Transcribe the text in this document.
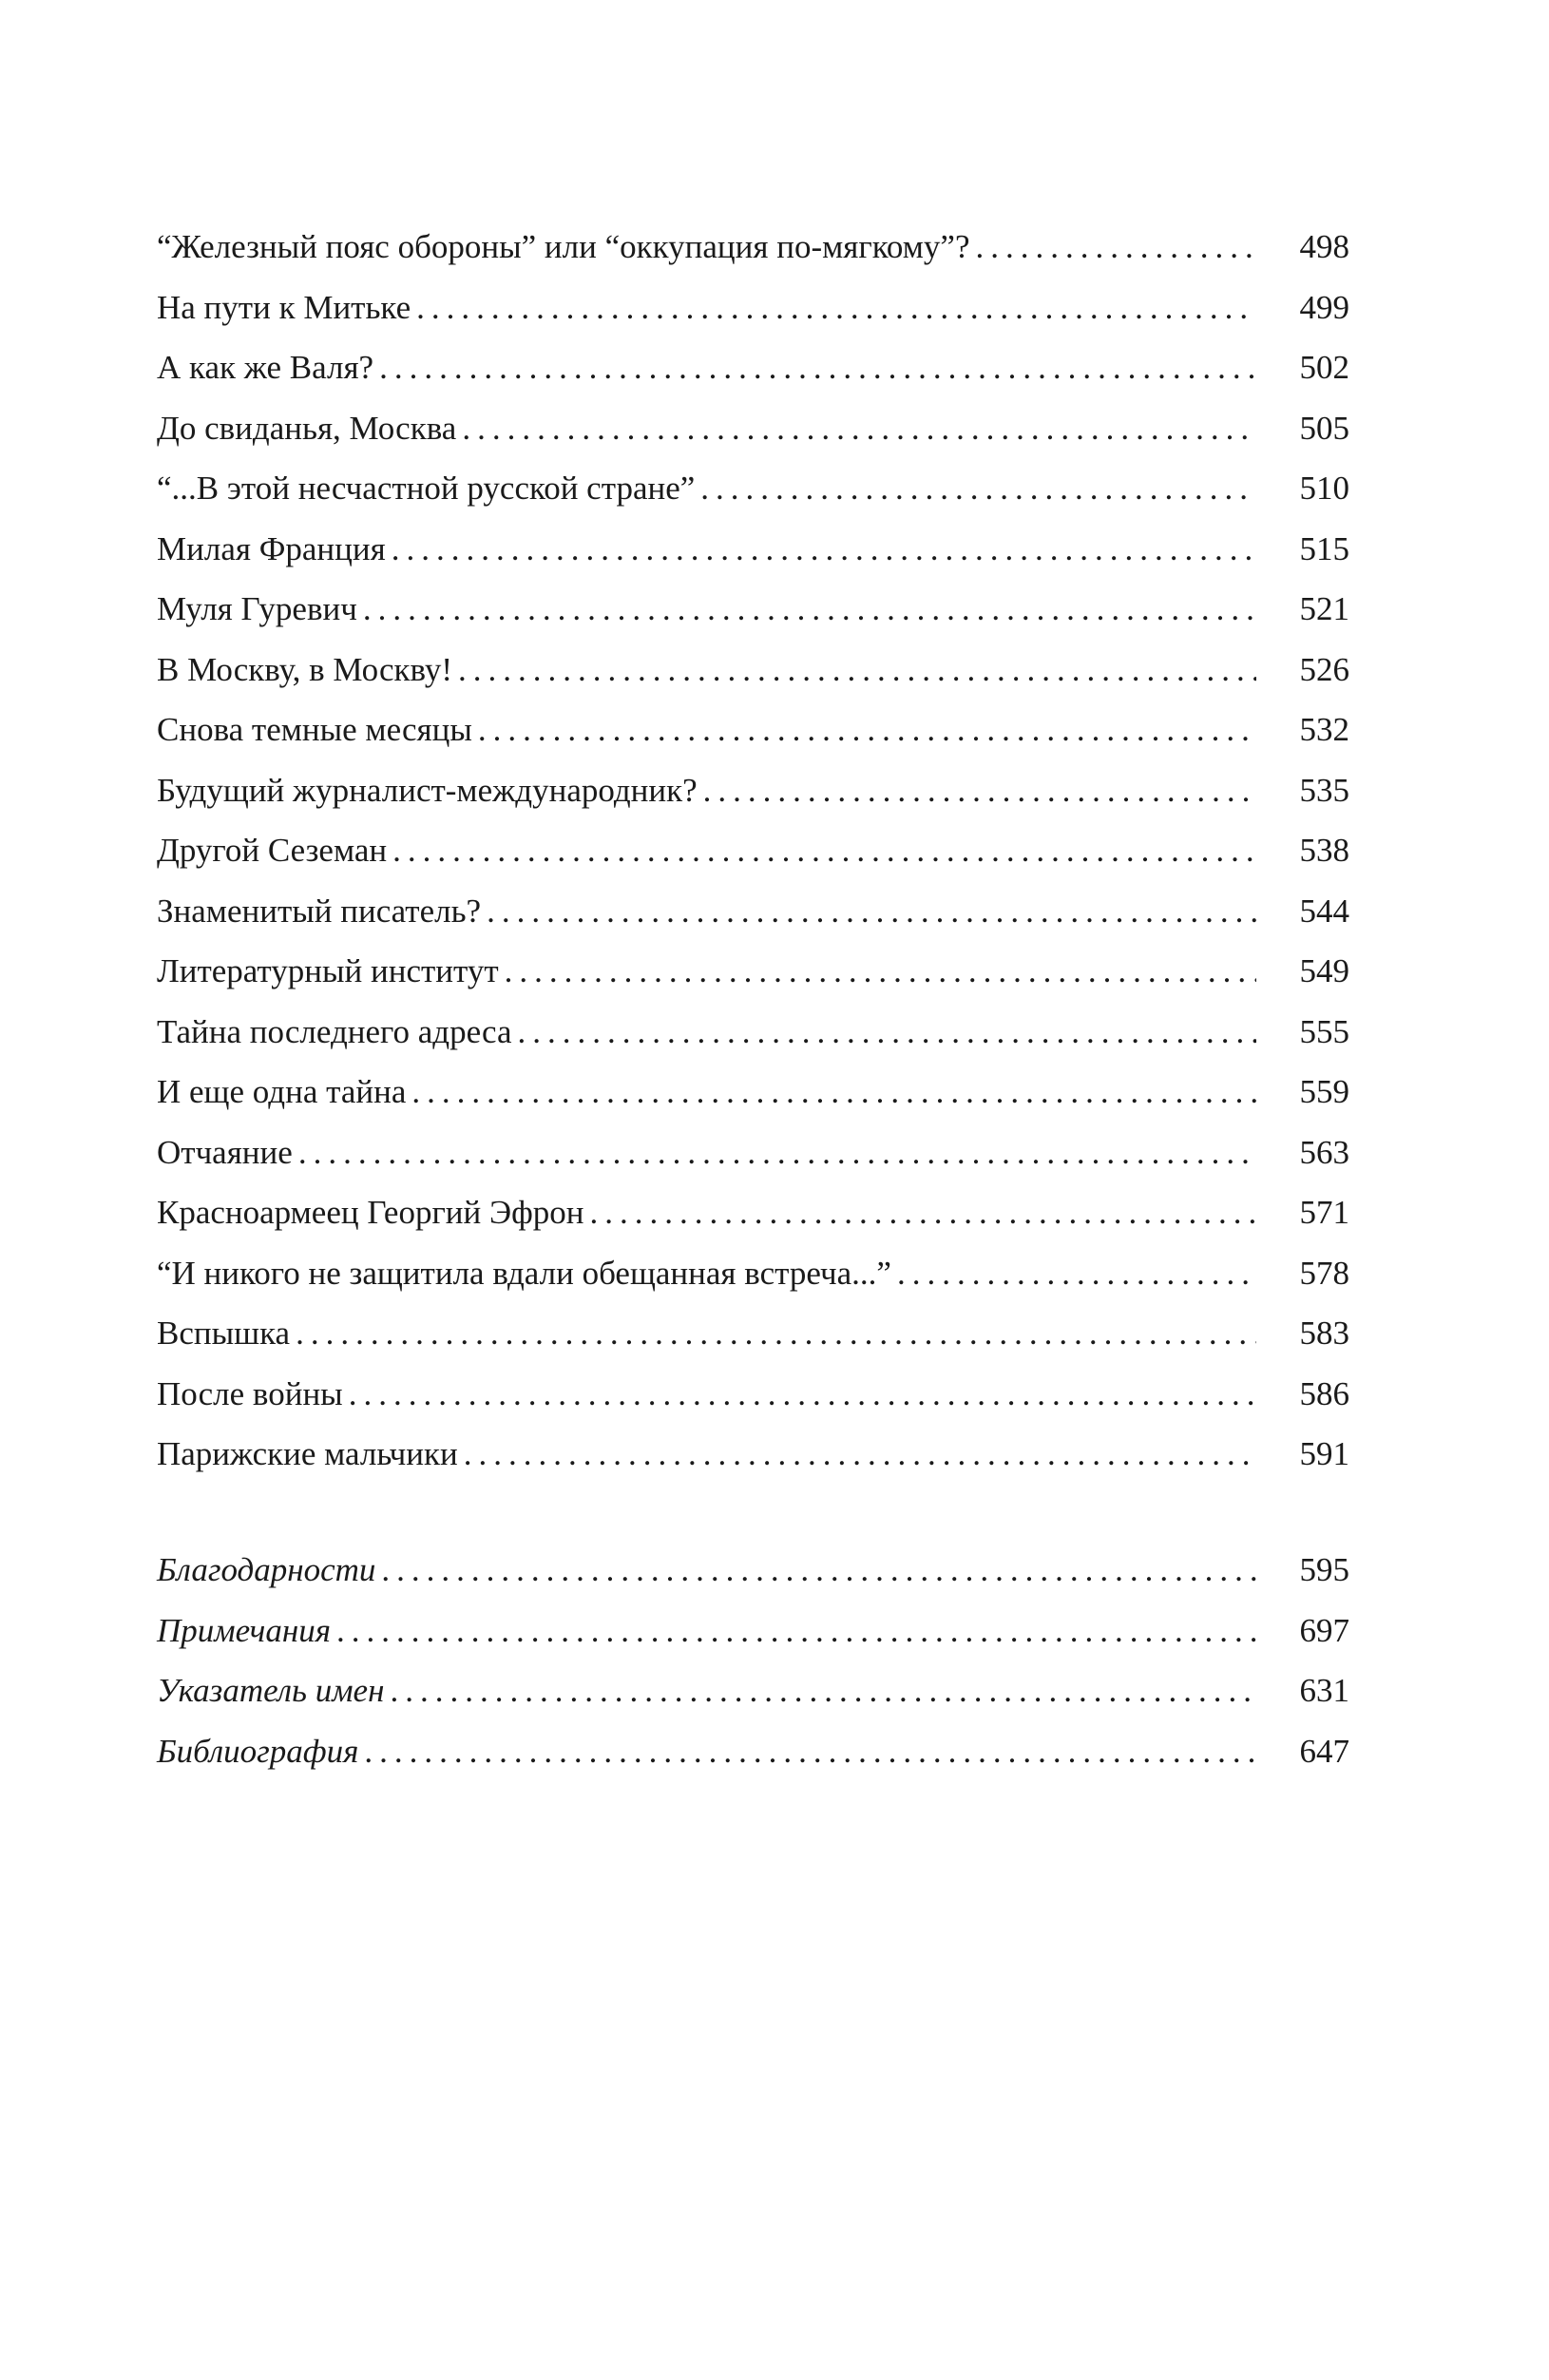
“Железный пояс обороны” или “оккупация по-мягкому”? .....	498
На пути к Митьке .....	499
А как же Валя? .....	502
До свиданья, Москва .....	505
“...В этой несчастной русской стране” .....	510
Милая Франция .....	515
Муля Гуревич .....	521
В Москву, в Москву! .....	526
Снова темные месяцы .....	532
Будущий журналист-международник? .....	535
Другой Сеземан .....	538
Знаменитый писатель? .....	544
Литературный институт .....	549
Тайна последнего адреса .....	555
И еще одна тайна .....	559
Отчаяние .....	563
Красноармеец Георгий Эфрон .....	571
“И никого не защитила вдали обещанная встреча...” .....	578
Вспышка .....	583
После войны .....	586
Парижские мальчики .....	591
Благодарности .....	595
Примечания .....	697
Указатель имен .....	631
Библиография .....	647
